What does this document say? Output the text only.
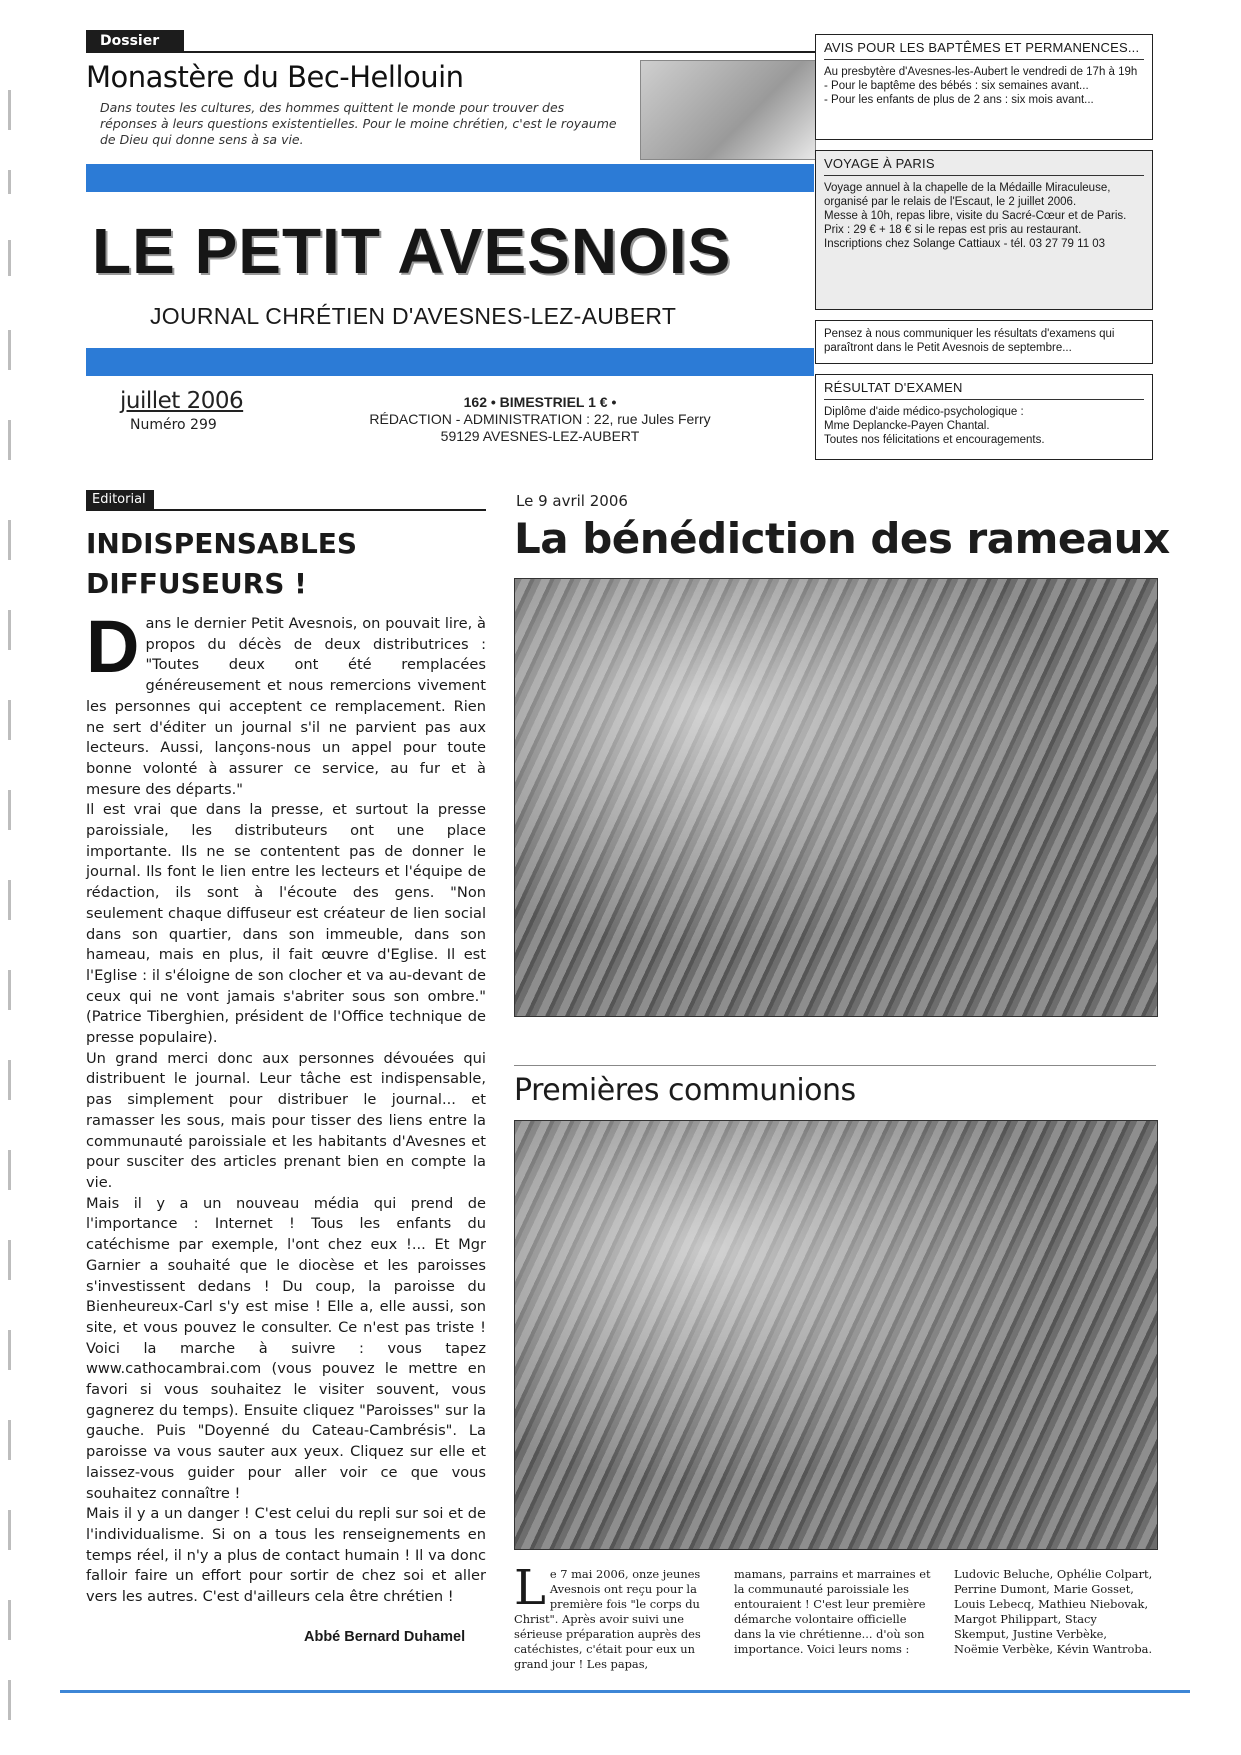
Dossier
Monastère du Bec-Hellouin
Dans toutes les cultures, des hommes quittent le monde pour trouver des réponses à leurs questions existentielles. Pour le moine chrétien, c'est le royaume de Dieu qui donne sens à sa vie.
LE PETIT AVESNOIS
JOURNAL CHRÉTIEN D'AVESNES-LEZ-AUBERT
juillet 2006
Numéro 299
162 • BIMESTRIEL 1 € •
RÉDACTION - ADMINISTRATION : 22, rue Jules Ferry
59129 AVESNES-LEZ-AUBERT
AVIS POUR LES BAPTÊMES ET PERMANENCES...
Au presbytère d'Avesnes-les-Aubert le vendredi de 17h à 19h
- Pour le baptême des bébés : six semaines avant...
- Pour les enfants de plus de 2 ans : six mois avant...
VOYAGE À PARIS
Voyage annuel à la chapelle de la Médaille Miraculeuse, organisé par le relais de l'Escaut, le 2 juillet 2006.
Messe à 10h, repas libre, visite du Sacré-Cœur et de Paris.
Prix : 29 € + 18 € si le repas est pris au restaurant.
Inscriptions chez Solange Cattiaux - tél. 03 27 79 11 03
Pensez à nous communiquer les résultats d'examens qui paraîtront dans le Petit Avesnois de septembre...
RÉSULTAT D'EXAMEN
Diplôme d'aide médico-psychologique :
Mme Deplancke-Payen Chantal.
Toutes nos félicitations et encouragements.
Editorial
INDISPENSABLES
DIFFUSEURS !
D ans le dernier Petit Avesnois, on pouvait lire, à propos du décès de deux distributrices : "Toutes deux ont été remplacées généreusement et nous remercions vivement les personnes qui acceptent ce remplacement. Rien ne sert d'éditer un journal s'il ne parvient pas aux lecteurs. Aussi, lançons-nous un appel pour toute bonne volonté à assurer ce service, au fur et à mesure des départs."

Il est vrai que dans la presse, et surtout la presse paroissiale, les distributeurs ont une place importante. Ils ne se contentent pas de donner le journal. Ils font le lien entre les lecteurs et l'équipe de rédaction, ils sont à l'écoute des gens. "Non seulement chaque diffuseur est créateur de lien social dans son quartier, dans son immeuble, dans son hameau, mais en plus, il fait œuvre d'Eglise. Il est l'Eglise : il s'éloigne de son clocher et va au-devant de ceux qui ne vont jamais s'abriter sous son ombre." (Patrice Tiberghien, président de l'Office technique de presse populaire).

Un grand merci donc aux personnes dévouées qui distribuent le journal. Leur tâche est indispensable, pas simplement pour distribuer le journal... et ramasser les sous, mais pour tisser des liens entre la communauté paroissiale et les habitants d'Avesnes et pour susciter des articles prenant bien en compte la vie.

Mais il y a un nouveau média qui prend de l'importance : Internet ! Tous les enfants du catéchisme par exemple, l'ont chez eux !... Et Mgr Garnier a souhaité que le diocèse et les paroisses s'investissent dedans ! Du coup, la paroisse du Bienheureux-Carl s'y est mise ! Elle a, elle aussi, son site, et vous pouvez le consulter. Ce n'est pas triste ! Voici la marche à suivre : vous tapez www.cathocambrai.com (vous pouvez le mettre en favori si vous souhaitez le visiter souvent, vous gagnerez du temps). Ensuite cliquez "Paroisses" sur la gauche. Puis "Doyenné du Cateau-Cambrésis". La paroisse va vous sauter aux yeux. Cliquez sur elle et laissez-vous guider pour aller voir ce que vous souhaitez connaître !

Mais il y a un danger ! C'est celui du repli sur soi et de l'individualisme. Si on a tous les renseignements en temps réel, il n'y a plus de contact humain ! Il va donc falloir faire un effort pour sortir de chez soi et aller vers les autres. C'est d'ailleurs cela être chrétien !

Abbé Bernard Duhamel
Le 9 avril 2006
La bénédiction des rameaux
Premières communions
L e 7 mai 2006, onze jeunes Avesnois ont reçu pour la première fois "le corps du Christ". Après avoir suivi une sérieuse préparation auprès des catéchistes, c'était pour eux un grand jour ! Les papas,
mamans, parrains et marraines et la communauté paroissiale les entouraient ! C'est leur première démarche volontaire officielle dans la vie chrétienne... d'où son importance. Voici leurs noms :
Ludovic Beluche, Ophélie Colpart, Perrine Dumont, Marie Gosset, Louis Lebecq, Mathieu Niebovak, Margot Philippart, Stacy Skemput, Justine Verbèke, Noëmie Verbèke, Kévin Wantroba.
